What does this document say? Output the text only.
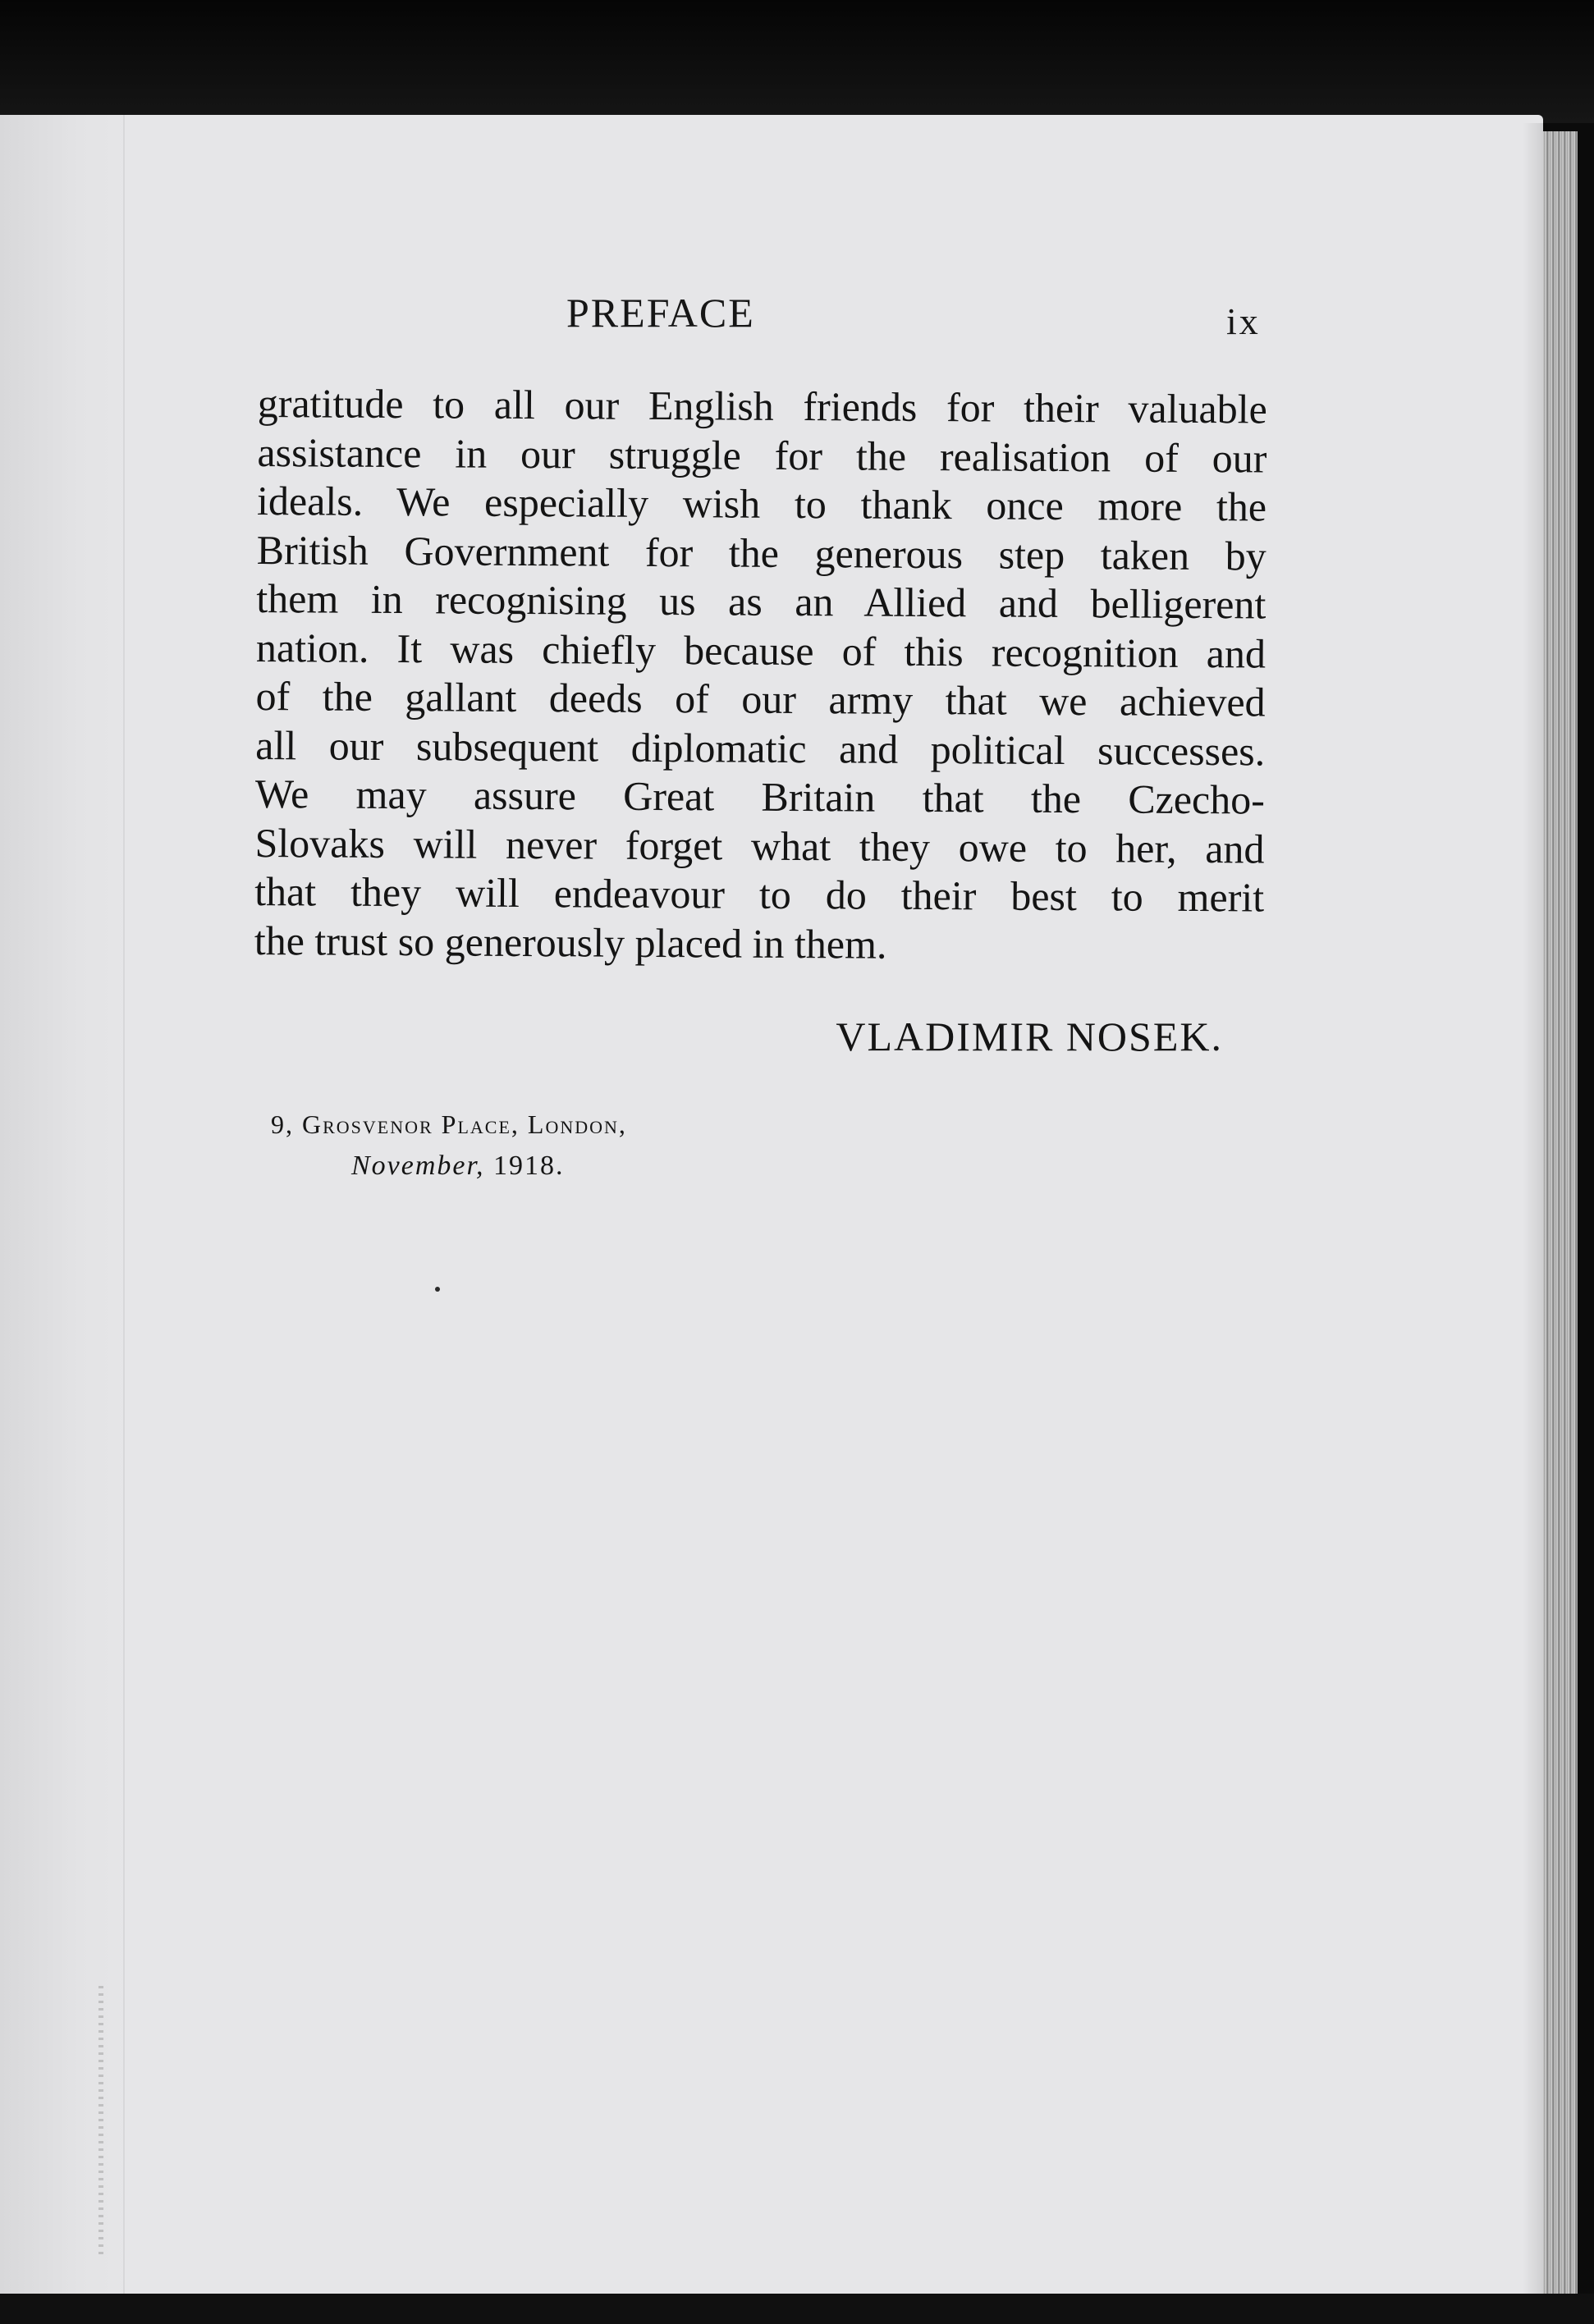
PREFACE	ix

gratitude to all our English friends for their valuable
assistance in our struggle for the realisation of our
ideals. We especially wish to thank once more the
British Government for the generous step taken by
them in recognising us as an Allied and belligerent
nation. It was chiefly because of this recognition and
of the gallant deeds of our army that we achieved
all our subsequent diplomatic and political successes.
We may assure Great Britain that the Czecho-
Slovaks will never forget what they owe to her, and
that they will endeavour to do their best to merit
the trust so generously placed in them.

VLADIMIR NOSEK.
9, Grosvenor Place, London,
November, 1918.
